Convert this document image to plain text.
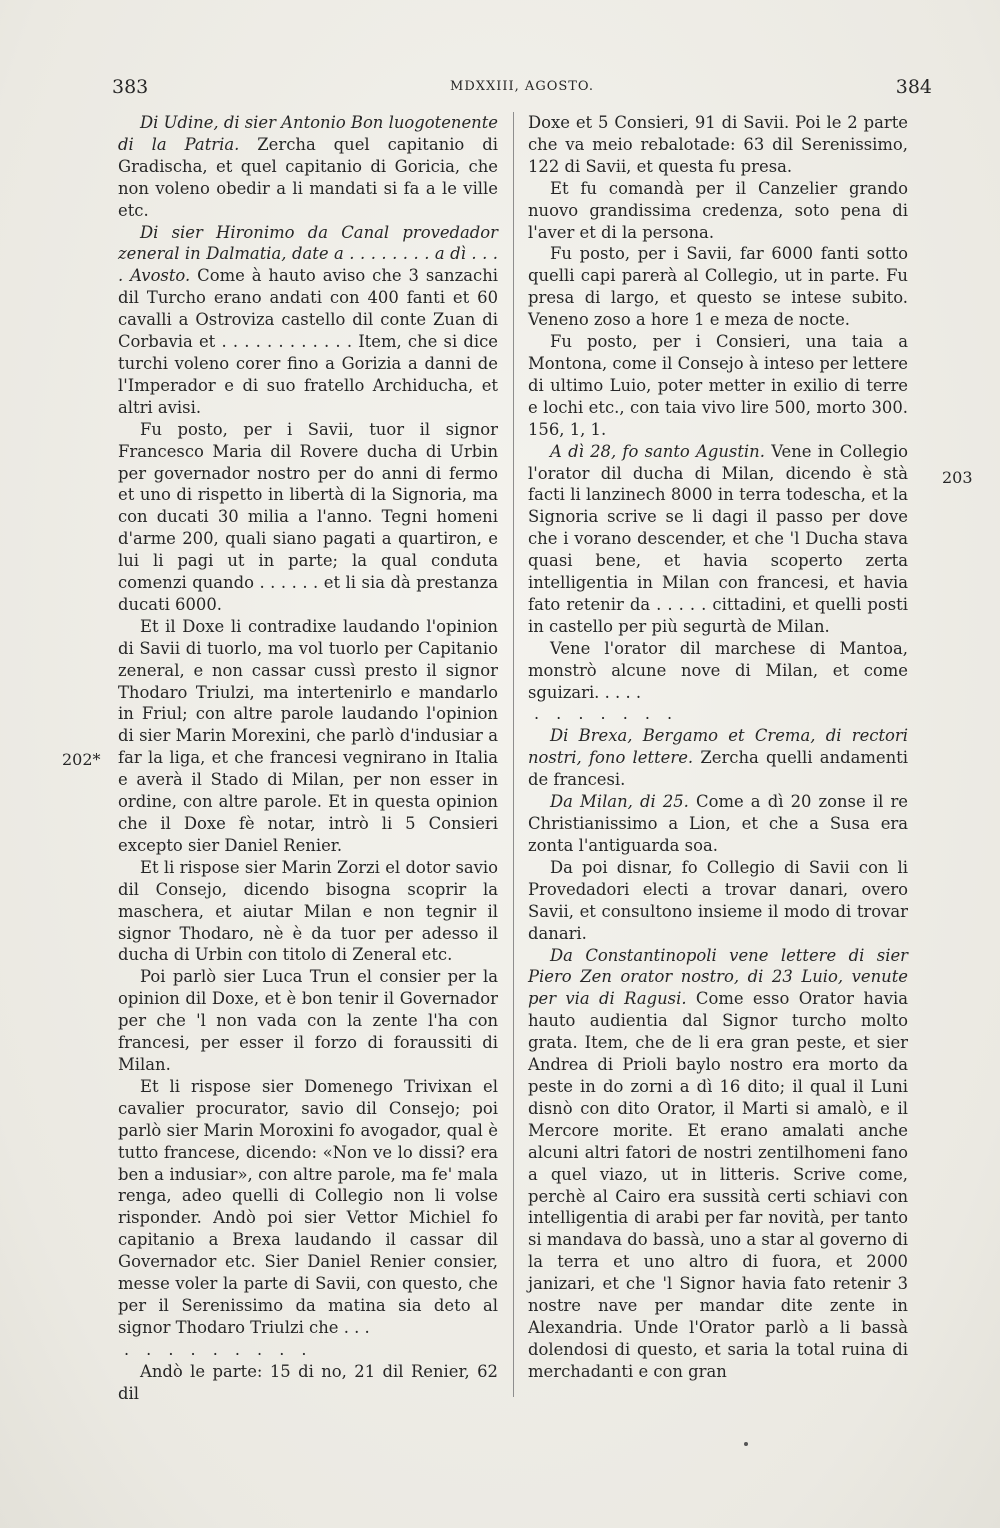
383	MDXXIII, AGOSTO.	384
202*
203

Di Udine, di sier Antonio Bon luogotenente di la Patria. Zercha quel capitanio di Gradischa, et quel capitanio di Goricia, che non voleno obedir a li mandati si fa a le ville etc.

Di sier Hironimo da Canal provedador zeneral in Dalmatia, date a . . . . . . . . a dì . . . . Avosto. Come à hauto aviso che 3 sanzachi dil Turcho erano andati con 400 fanti et 60 cavalli a Ostroviza castello dil conte Zuan di Corbavia et . . . . . . . . . . . . Item, che si dice turchi voleno corer fino a Gorizia a danni de l'Imperador e di suo fratello Archiducha, et altri avisi.

Fu posto, per i Savii, tuor il signor Francesco Maria dil Rovere ducha di Urbin per governador nostro per do anni di fermo et uno di rispetto in libertà di la Signoria, ma con ducati 30 milia a l'anno. Tegni homeni d'arme 200, quali siano pagati a quartiron, e lui li pagi ut in parte; la qual conduta comenzi quando . . . . . . et li sia dà prestanza ducati 6000.

Et il Doxe li contradixe laudando l'opinion di Savii di tuorlo, ma vol tuorlo per Capitanio zeneral, e non cassar cussì presto il signor Thodaro Triulzi, ma intertenirlo e mandarlo in Friul; con altre parole laudando l'opinion di sier Marin Morexini, che parlò d'indusiar a far la liga, et che francesi vegnirano in Italia e averà il Stado di Milan, per non esser in ordine, con altre parole. Et in questa opinion che il Doxe fè notar, intrò li 5 Consieri excepto sier Daniel Renier.

Et li rispose sier Marin Zorzi el dotor savio dil Consejo, dicendo bisogna scoprir la maschera, et aiutar Milan e non tegnir il signor Thodaro, nè è da tuor per adesso il ducha di Urbin con titolo di Zeneral etc.

Poi parlò sier Luca Trun el consier per la opinion dil Doxe, et è bon tenir il Governador per che 'l non vada con la zente l'ha con francesi, per esser il forzo di foraussiti di Milan.

Et li rispose sier Domenego Trivixan el cavalier procurator, savio dil Consejo; poi parlò sier Marin Moroxini fo avogador, qual è tutto francese, dicendo: «Non ve lo dissi? era ben a indusiar», con altre parole, ma fe' mala renga, adeo quelli di Collegio non li volse risponder. Andò poi sier Vettor Michiel fo capitanio a Brexa laudando il cassar dil Governador etc. Sier Daniel Renier consier, messe voler la parte di Savii, con questo, che per il Serenissimo da matina sia deto al signor Thodaro Triulzi che . . .

. . . . . . . . .

Andò le parte: 15 di no, 21 dil Renier, 62 dil

Doxe et 5 Consieri, 91 di Savii. Poi le 2 parte che va meio rebalotade: 63 dil Serenissimo, 122 di Savii, et questa fu presa.

Et fu comandà per il Canzelier grando nuovo grandissima credenza, soto pena di l'aver et di la persona.

Fu posto, per i Savii, far 6000 fanti sotto quelli capi parerà al Collegio, ut in parte. Fu presa di largo, et questo se intese subito. Veneno zoso a hore 1 e meza de nocte.

Fu posto, per i Consieri, una taia a Montona, come il Consejo à inteso per lettere di ultimo Luio, poter metter in exilio di terre e lochi etc., con taia vivo lire 500, morto 300. 156, 1, 1.

A dì 28, fo santo Agustin. Vene in Collegio l'orator dil ducha di Milan, dicendo è stà facti li lanzinech 8000 in terra todescha, et la Signoria scrive se li dagi il passo per dove che i vorano descender, et che 'l Ducha stava quasi bene, et havia scoperto zerta intelligentia in Milan con francesi, et havia fato retenir da . . . . . cittadini, et quelli posti in castello per più segurtà de Milan.

Vene l'orator dil marchese di Mantoa, monstrò alcune nove di Milan, et come sguizari. . . . .

. . . . . . .

Di Brexa, Bergamo et Crema, di rectori nostri, fono lettere. Zercha quelli andamenti de francesi.

Da Milan, di 25. Come a dì 20 zonse il re Christianissimo a Lion, et che a Susa era zonta l'antiguarda soa.

Da poi disnar, fo Collegio di Savii con li Provedadori electi a trovar danari, overo Savii, et consultono insieme il modo di trovar danari.

Da Constantinopoli vene lettere di sier Piero Zen orator nostro, di 23 Luio, venute per via di Ragusi. Come esso Orator havia hauto audientia dal Signor turcho molto grata. Item, che de li era gran peste, et sier Andrea di Prioli baylo nostro era morto da peste in do zorni a dì 16 dito; il qual il Luni disnò con dito Orator, il Marti si amalò, e il Mercore morite. Et erano amalati anche alcuni altri fatori de nostri zentilhomeni fano a quel viazo, ut in litteris. Scrive come, perchè al Cairo era sussità certi schiavi con intelligentia di arabi per far novità, per tanto si mandava do bassà, uno a star al governo di la terra et uno altro di fuora, et 2000 janizari, et che 'l Signor havia fato retenir 3 nostre nave per mandar dite zente in Alexandria. Unde l'Orator parlò a li bassà dolendosi di questo, et saria la total ruina di merchadanti e con gran
